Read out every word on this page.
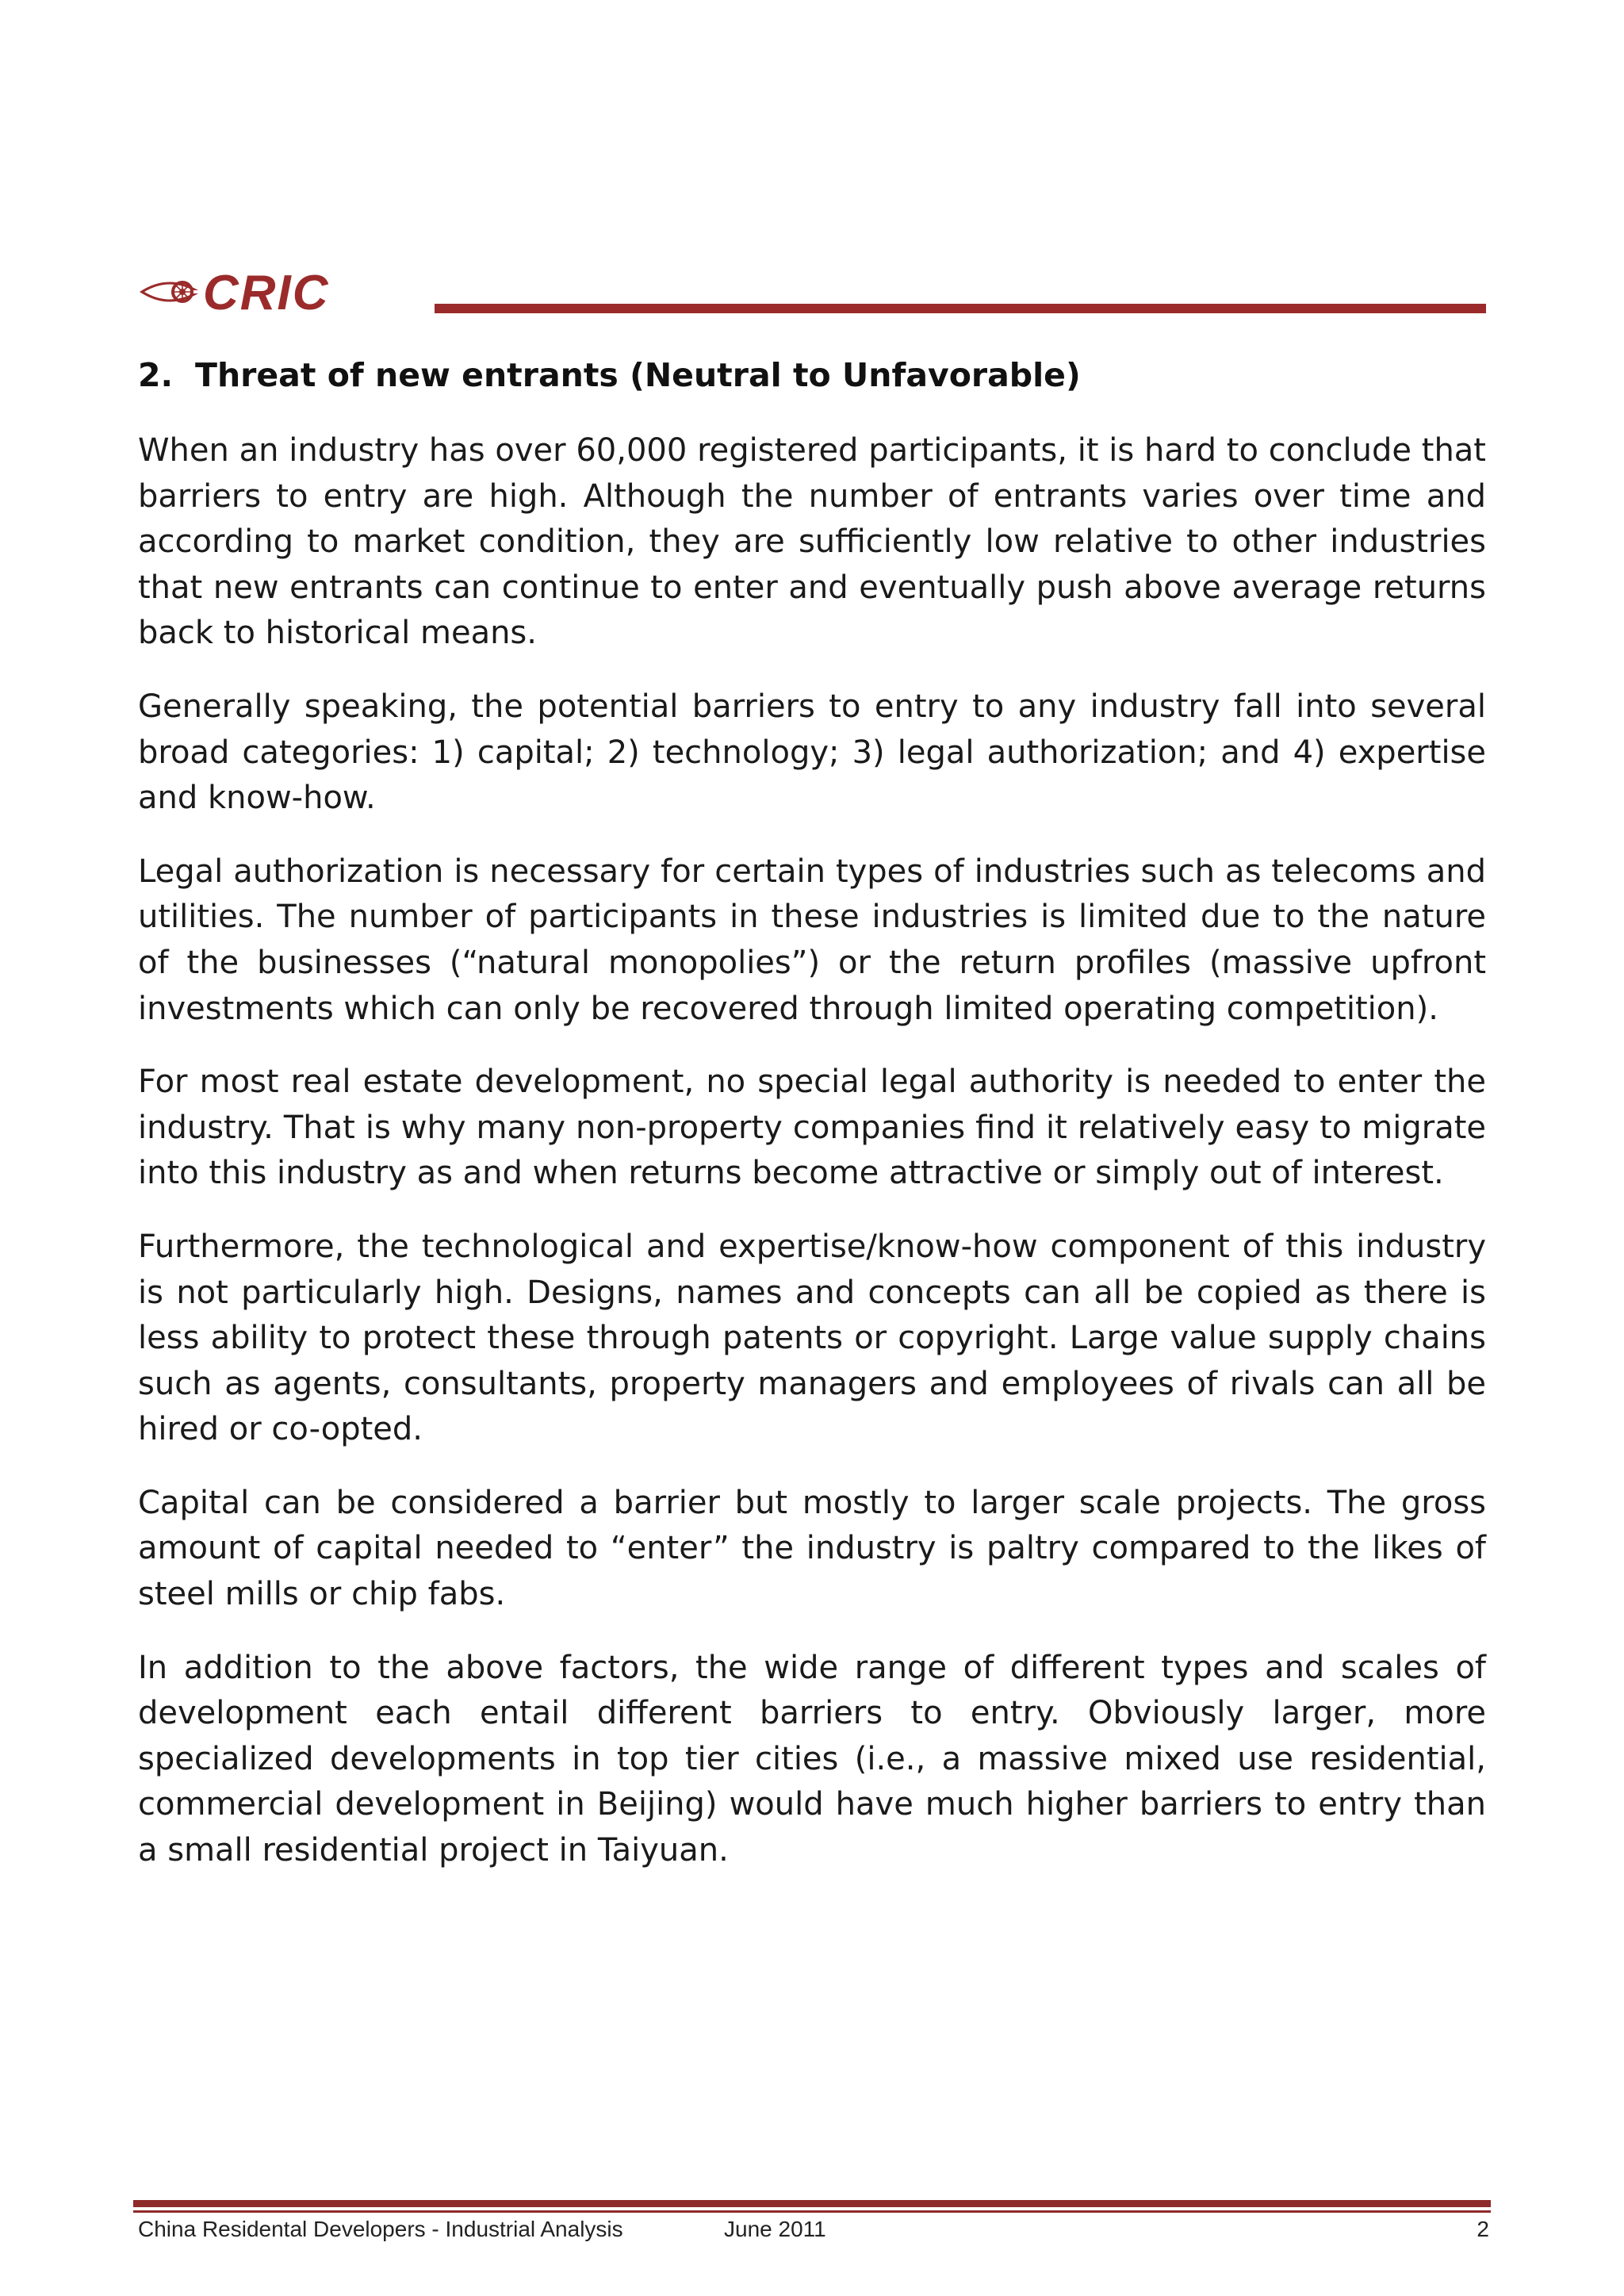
CRIC
2. Threat of new entrants (Neutral to Unfavorable)

When an industry has over 60,000 registered participants, it is hard to conclude that barriers to entry are high. Although the number of entrants varies over time and according to market condition, they are sufficiently low relative to other industries that new entrants can continue to enter and eventually push above average returns back to historical means.

Generally speaking, the potential barriers to entry to any industry fall into several broad categories: 1) capital; 2) technology; 3) legal authorization; and 4) expertise and know-how.

Legal authorization is necessary for certain types of industries such as telecoms and utilities. The number of participants in these industries is limited due to the nature of the businesses (“natural monopolies”) or the return profiles (massive upfront investments which can only be recovered through limited operating competition).

For most real estate development, no special legal authority is needed to enter the industry. That is why many non-property companies find it relatively easy to migrate into this industry as and when returns become attractive or simply out of interest.

Furthermore, the technological and expertise/know-how component of this industry is not particularly high. Designs, names and concepts can all be copied as there is less ability to protect these through patents or copyright. Large value supply chains such as agents, consultants, property managers and employees of rivals can all be hired or co-opted.

Capital can be considered a barrier but mostly to larger scale projects. The gross amount of capital needed to “enter” the industry is paltry compared to the likes of steel mills or chip fabs.

In addition to the above factors, the wide range of different types and scales of development each entail different barriers to entry. Obviously larger, more specialized developments in top tier cities (i.e., a massive mixed use residential, commercial development in Beijing) would have much higher barriers to entry than a small residential project in Taiyuan.

China Residental Developers - Industrial Analysis	June 2011	2
